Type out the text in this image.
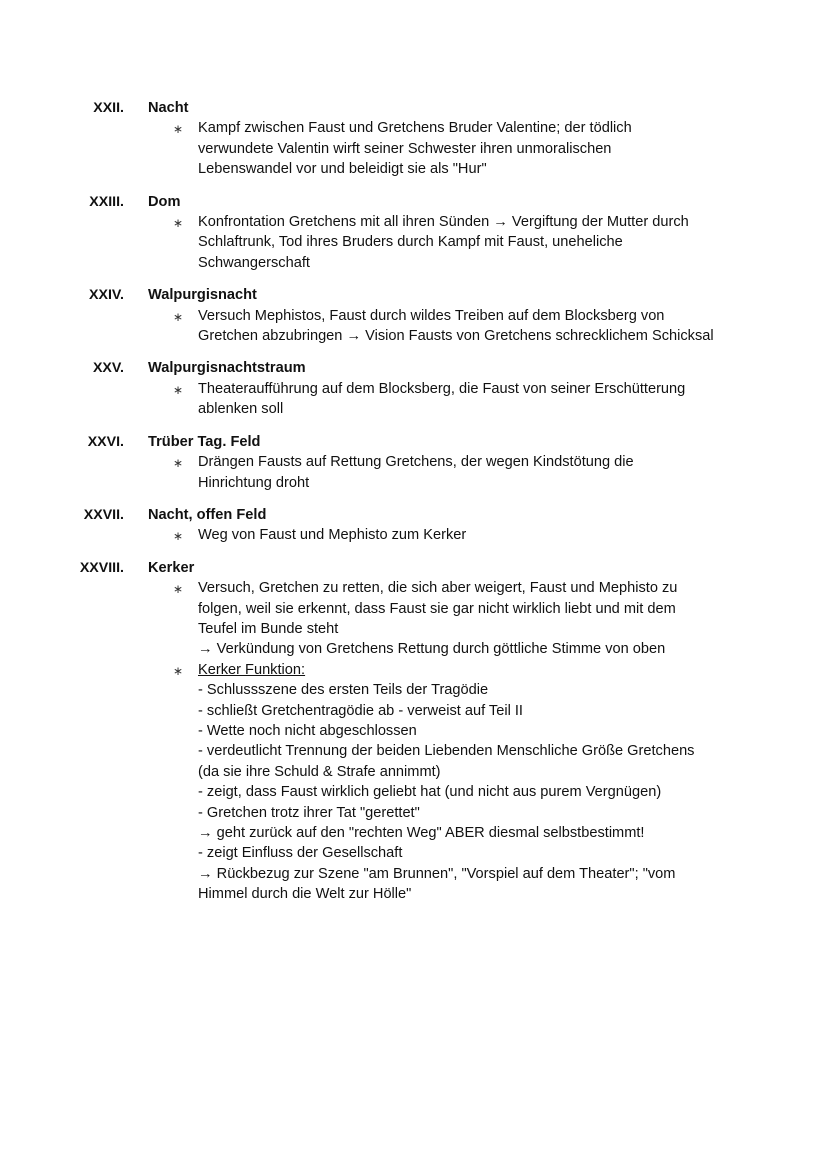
XXII. Nacht
∗ Kampf zwischen Faust und Gretchens Bruder Valentine; der tödlich
verwundete Valentin wirft seiner Schwester ihren unmoralischen
Lebenswandel vor und beleidigt sie als "Hur"
XXIII. Dom
∗ Konfrontation Gretchens mit all ihren Sünden → Vergiftung der Mutter durch
Schlaftrunk, Tod ihres Bruders durch Kampf mit Faust, uneheliche
Schwangerschaft
XXIV. Walpurgisnacht
∗ Versuch Mephistos, Faust durch wildes Treiben auf dem Blocksberg von
Gretchen abzubringen → Vision Fausts von Gretchens schrecklichem Schicksal
XXV. Walpurgisnachtstraum
∗ Theateraufführung auf dem Blocksberg, die Faust von seiner Erschütterung
ablenken soll
XXVI. Trüber Tag. Feld
∗ Drängen Fausts auf Rettung Gretchens, der wegen Kindstötung die
Hinrichtung droht
XXVII. Nacht, offen Feld
∗ Weg von Faust und Mephisto zum Kerker
XXVIII. Kerker
∗ Versuch, Gretchen zu retten, die sich aber weigert, Faust und Mephisto zu
folgen, weil sie erkennt, dass Faust sie gar nicht wirklich liebt und mit dem
Teufel im Bunde steht
→ Verkündung von Gretchens Rettung durch göttliche Stimme von oben
∗ Kerker Funktion:
- Schlussszene des ersten Teils der Tragödie
- schließt Gretchentragödie ab - verweist auf Teil II
- Wette noch nicht abgeschlossen
- verdeutlicht Trennung der beiden Liebenden Menschliche Größe Gretchens
(da sie ihre Schuld & Strafe annimmt)
- zeigt, dass Faust wirklich geliebt hat (und nicht aus purem Vergnügen)
- Gretchen trotz ihrer Tat "gerettet"
→ geht zurück auf den "rechten Weg" ABER diesmal selbstbestimmt!
- zeigt Einfluss der Gesellschaft
→ Rückbezug zur Szene "am Brunnen", "Vorspiel auf dem Theater"; "vom
Himmel durch die Welt zur Hölle"
